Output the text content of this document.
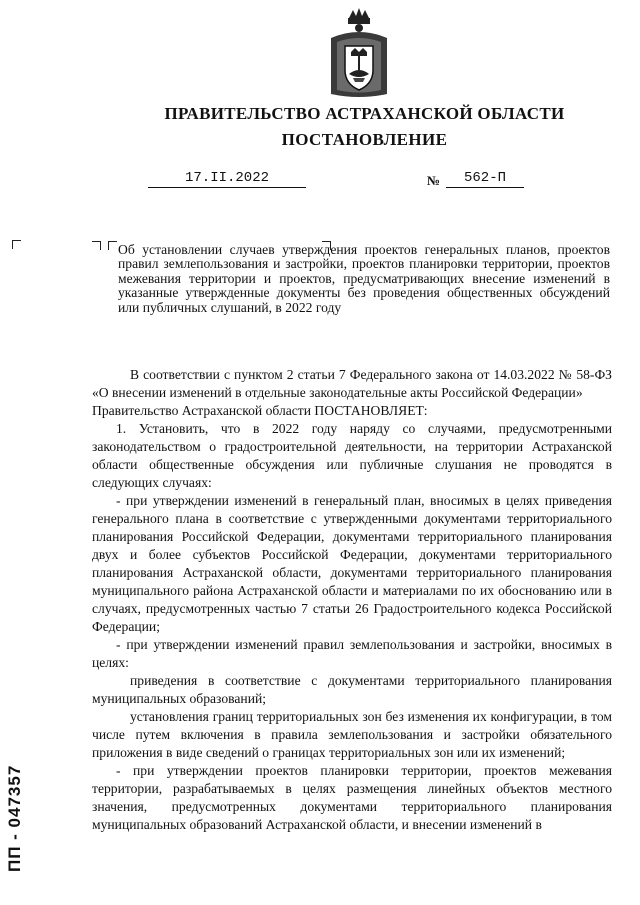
ПРАВИТЕЛЬСТВО АСТРАХАНСКОЙ ОБЛАСТИ
ПОСТАНОВЛЕНИЕ
17.II.2022	№	562-П
Об установлении случаев утверждения проектов генеральных планов, проектов правил землепользования и застройки, проектов планировки территории, проектов межевания территории и проектов, предусматривающих внесение изменений в указанные утвержденные документы без проведения общественных обсуждений или публичных слушаний, в 2022 году

В соответствии с пунктом 2 статьи 7 Федерального закона от 14.03.2022 № 58-ФЗ «О внесении изменений в отдельные законодательные акты Российской Федерации»

Правительство Астраханской области ПОСТАНОВЛЯЕТ:

1. Установить, что в 2022 году наряду со случаями, предусмотренными законодательством о градостроительной деятельности, на территории Астраханской области общественные обсуждения или публичные слушания не проводятся в следующих случаях:

- при утверждении изменений в генеральный план, вносимых в целях приведения генерального плана в соответствие с утвержденными документами территориального планирования Российской Федерации, документами территориального планирования двух и более субъектов Российской Федерации, документами территориального планирования Астраханской области, документами территориального планирования муниципального района Астраханской области и материалами по их обоснованию или в случаях, предусмотренных частью 7 статьи 26 Градостроительного кодекса Российской Федерации;

- при утверждении изменений правил землепользования и застройки, вносимых в целях:

приведения в соответствие с документами территориального планирования муниципальных образований;

установления границ территориальных зон без изменения их конфигурации, в том числе путем включения в правила землепользования и застройки обязательного приложения в виде сведений о границах территориальных зон или их изменений;

- при утверждении проектов планировки территории, проектов межевания территории, разрабатываемых в целях размещения линейных объектов местного значения, предусмотренных документами территориального планирования муниципальных образований Астраханской области, и внесении изменений в

ПП - 047357
